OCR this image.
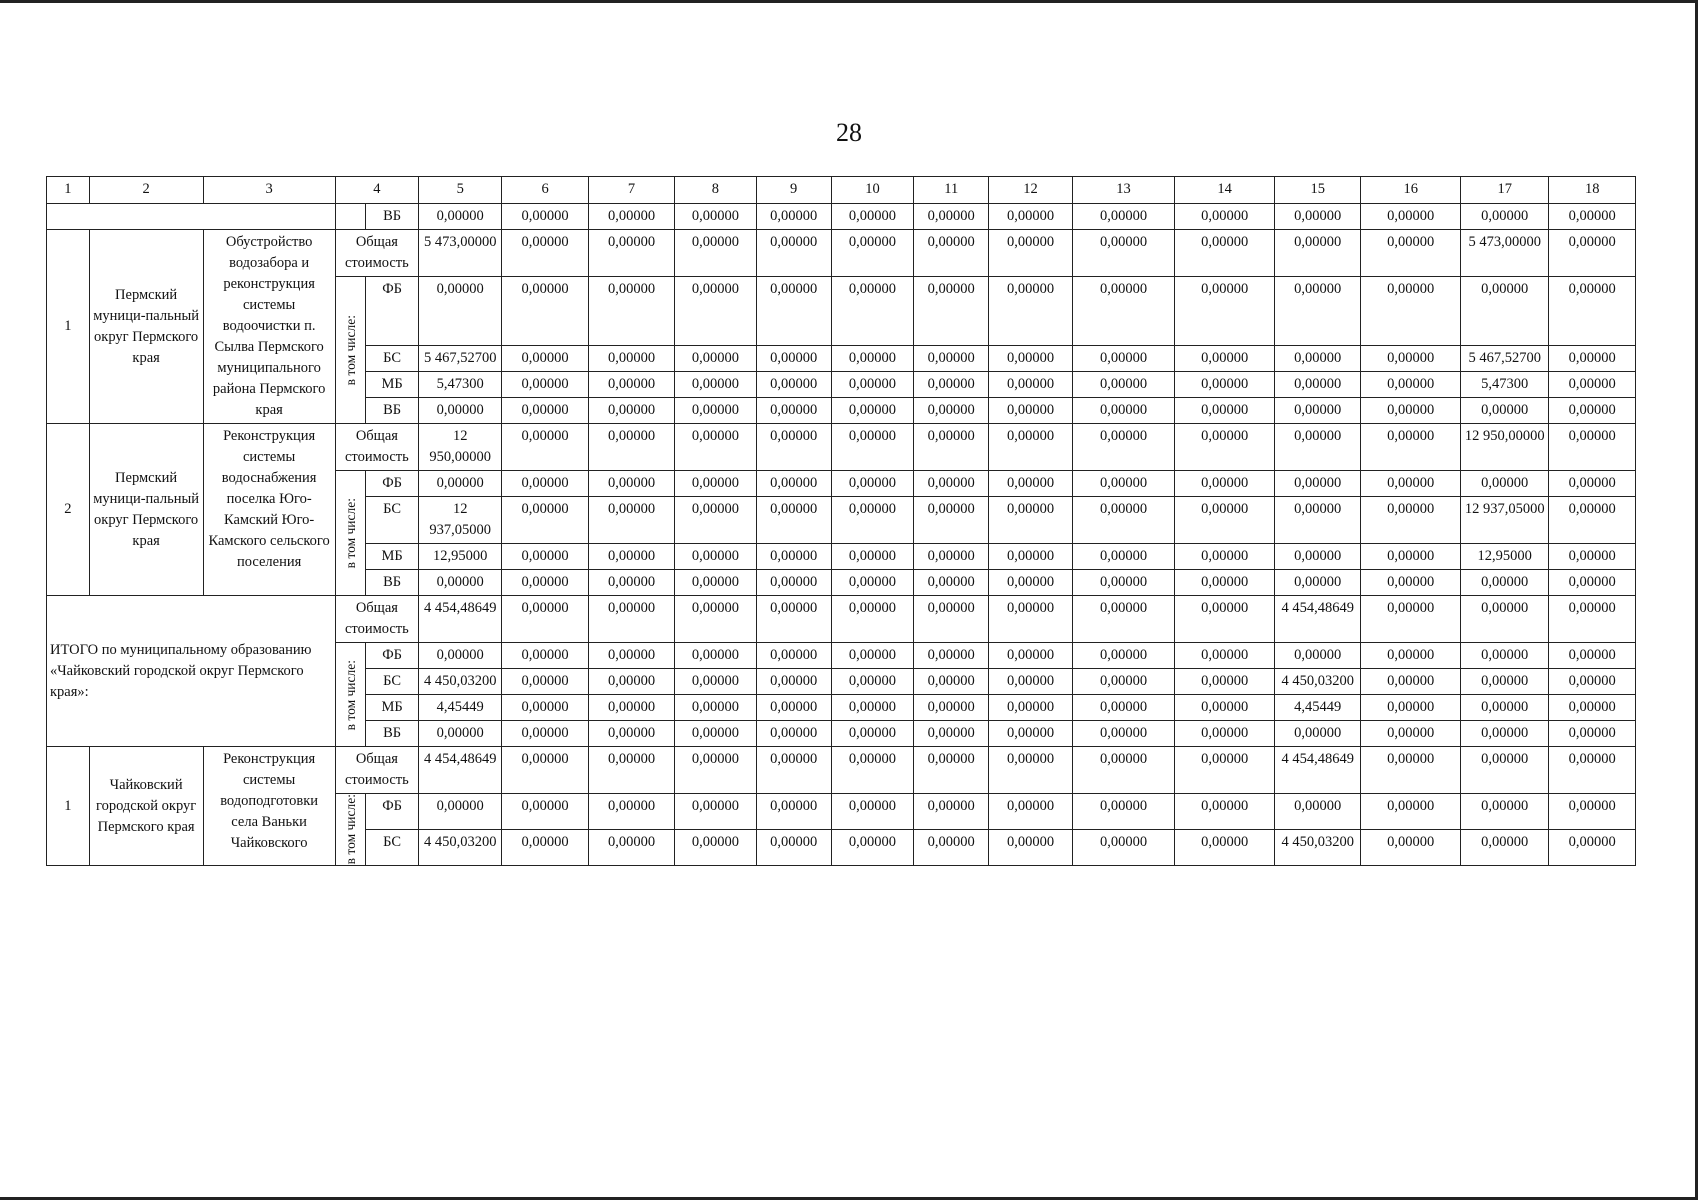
28
1	2	3	4		5	6	7	8	9	10	11	12	13	14	15	16	17	18
				ВБ	0,00000	0,00000	0,00000	0,00000	0,00000	0,00000	0,00000	0,00000	0,00000	0,00000	0,00000	0,00000	0,00000	0,00000
1	Пермский муници-пальный округ Пермского края	Обустройство водозабора и реконструкция системы водоочистки п. Сылва Пермского муниципального района Пермского края	Общая стоимость		5 473,00000	0,00000	0,00000	0,00000	0,00000	0,00000	0,00000	0,00000	0,00000	0,00000	0,00000	0,00000	5 473,00000	0,00000

			в том числе:	ФБ	0,00000	0,00000	0,00000	0,00000	0,00000	0,00000	0,00000	0,00000	0,00000	0,00000	0,00000	0,00000	0,00000	0,00000
				БС	5 467,52700	0,00000	0,00000	0,00000	0,00000	0,00000	0,00000	0,00000	0,00000	0,00000	0,00000	0,00000	5 467,52700	0,00000
				МБ	5,47300	0,00000	0,00000	0,00000	0,00000	0,00000	0,00000	0,00000	0,00000	0,00000	0,00000	0,00000	5,47300	0,00000
				ВБ	0,00000	0,00000	0,00000	0,00000	0,00000	0,00000	0,00000	0,00000	0,00000	0,00000	0,00000	0,00000	0,00000	0,00000
2	Пермский муници-пальный округ Пермского края	Реконструкция системы водоснабжения поселка Юго-Камский Юго-Камского сельского поселения	Общая стоимость		12 950,00000	0,00000	0,00000	0,00000	0,00000	0,00000	0,00000	0,00000	0,00000	0,00000	0,00000	0,00000	12 950,00000	0,00000

			в том числе:	ФБ	0,00000	0,00000	0,00000	0,00000	0,00000	0,00000	0,00000	0,00000	0,00000	0,00000	0,00000	0,00000	0,00000	0,00000
				БС	12 937,05000	0,00000	0,00000	0,00000	0,00000	0,00000	0,00000	0,00000	0,00000	0,00000	0,00000	0,00000	12 937,05000	0,00000
				МБ	12,95000	0,00000	0,00000	0,00000	0,00000	0,00000	0,00000	0,00000	0,00000	0,00000	0,00000	0,00000	12,95000	0,00000
				ВБ	0,00000	0,00000	0,00000	0,00000	0,00000	0,00000	0,00000	0,00000	0,00000	0,00000	0,00000	0,00000	0,00000	0,00000
ИТОГО по муниципальному образованию «Чайковский городской округ Пермского края»:			Общая стоимость		4 454,48649	0,00000	0,00000	0,00000	0,00000	0,00000	0,00000	0,00000	0,00000	0,00000	4 454,48649	0,00000	0,00000	0,00000

			в том числе:	ФБ	0,00000	0,00000	0,00000	0,00000	0,00000	0,00000	0,00000	0,00000	0,00000	0,00000	0,00000	0,00000	0,00000	0,00000
				БС	4 450,03200	0,00000	0,00000	0,00000	0,00000	0,00000	0,00000	0,00000	0,00000	0,00000	4 450,03200	0,00000	0,00000	0,00000
				МБ	4,45449	0,00000	0,00000	0,00000	0,00000	0,00000	0,00000	0,00000	0,00000	0,00000	4,45449	0,00000	0,00000	0,00000
				ВБ	0,00000	0,00000	0,00000	0,00000	0,00000	0,00000	0,00000	0,00000	0,00000	0,00000	0,00000	0,00000	0,00000	0,00000
1	Чайковский городской округ Пермского края	Реконструкция системы водоподготовки села Ваньки Чайковского	Общая стоимость		4 454,48649	0,00000	0,00000	0,00000	0,00000	0,00000	0,00000	0,00000	0,00000	0,00000	4 454,48649	0,00000	0,00000	0,00000

			в том числе:	ФБ	0,00000	0,00000	0,00000	0,00000	0,00000	0,00000	0,00000	0,00000	0,00000	0,00000	0,00000	0,00000	0,00000	0,00000
				БС	4 450,03200	0,00000	0,00000	0,00000	0,00000	0,00000	0,00000	0,00000	0,00000	0,00000	4 450,03200	0,00000	0,00000	0,00000
